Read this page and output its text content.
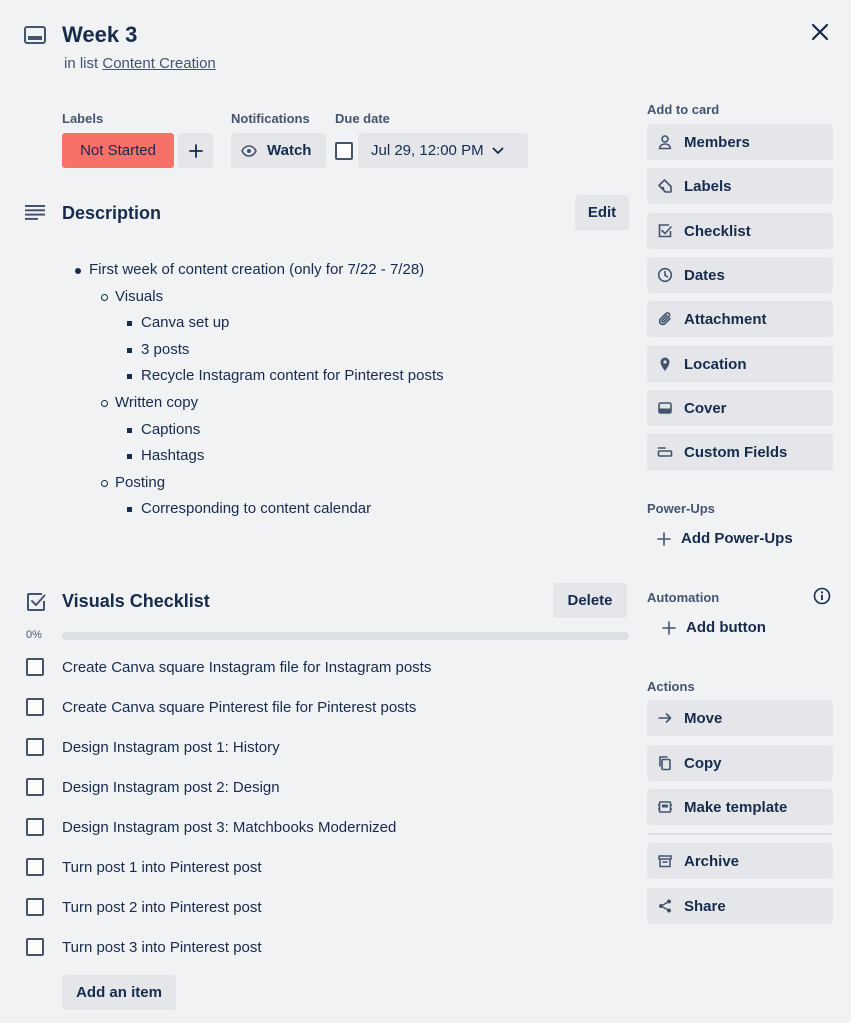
Week 3
in list Content Creation
Labels	Notifications Due date
Not Started	Watch	Jul 29, 12:00 PM
Description	Edit
First week of content creation (only for 7/22 - 7/28)
Visuals
Canva set up
3 posts
Recycle Instagram content for Pinterest posts
Written copy
Captions
Hashtags
Posting
Corresponding to content calendar
Visuals Checklist	Delete
0%
Create Canva square Instagram file for Instagram posts
Create Canva square Pinterest file for Pinterest posts
Design Instagram post 1: History
Design Instagram post 2: Design
Design Instagram post 3: Matchbooks Modernized
Turn post 1 into Pinterest post
Turn post 2 into Pinterest post
Turn post 3 into Pinterest post
Add an item
Add to card
Members
Labels
Checklist
Dates
Attachment
Location
Cover
Custom Fields
Power-Ups
Add Power-Ups
Automation
Add button
Actions
Move
Copy
Make template
Archive
Share
